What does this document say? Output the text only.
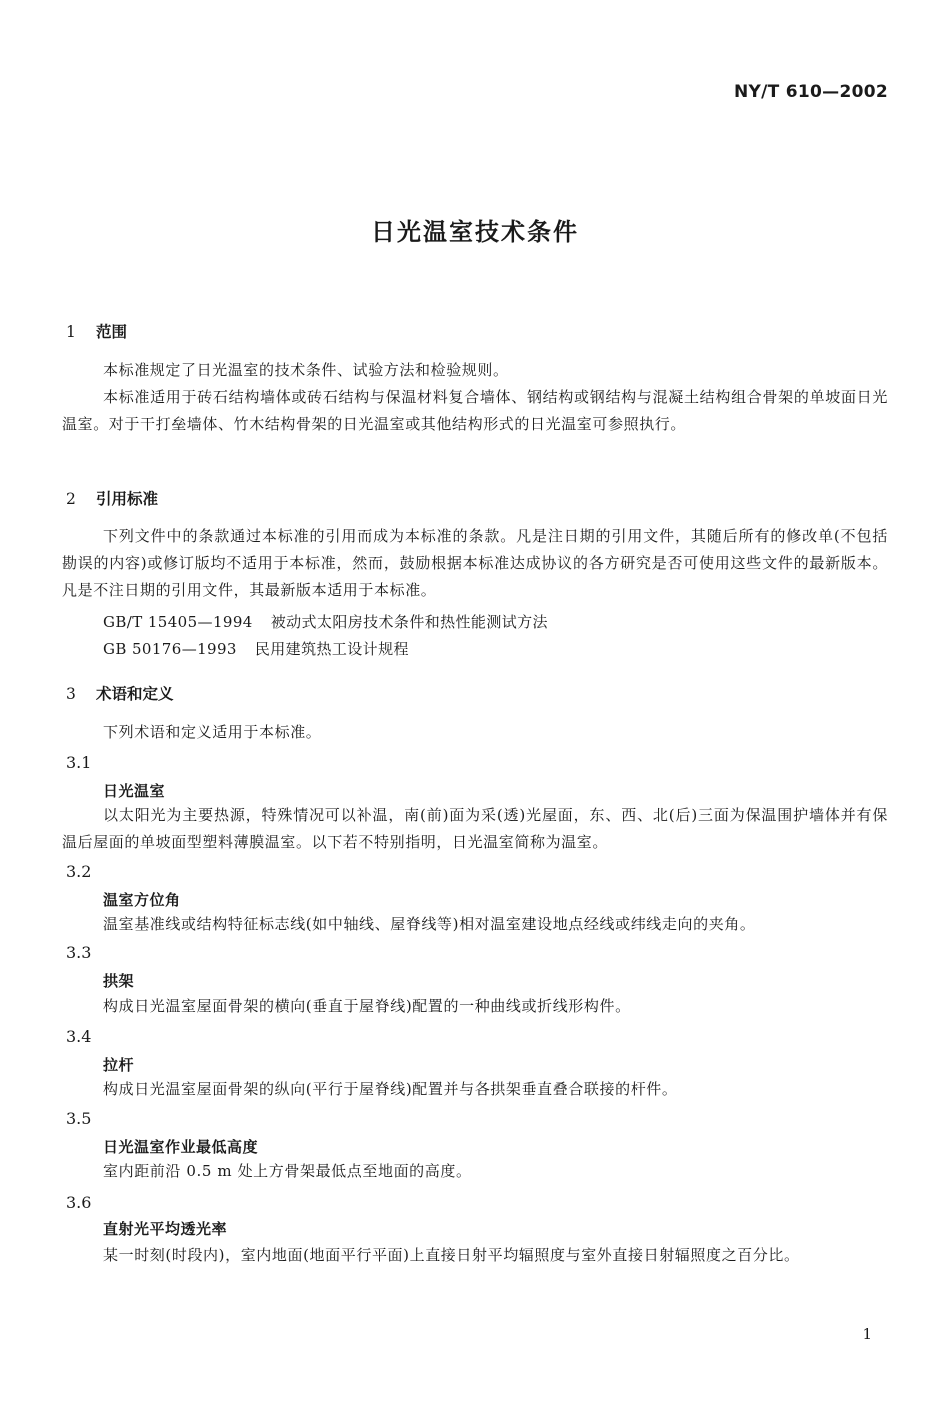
NY/T 610—2002
日光温室技术条件
1 范围
本标准规定了日光温室的技术条件、试验方法和检验规则。
本标准适用于砖石结构墙体或砖石结构与保温材料复合墙体、钢结构或钢结构与混凝土结构组合骨架的单坡面日光温室。对于干打垒墙体、竹木结构骨架的日光温室或其他结构形式的日光温室可参照执行。
2 引用标准
下列文件中的条款通过本标准的引用而成为本标准的条款。凡是注日期的引用文件，其随后所有的修改单(不包括勘误的内容)或修订版均不适用于本标准，然而，鼓励根据本标准达成协议的各方研究是否可使用这些文件的最新版本。凡是不注日期的引用文件，其最新版本适用于本标准。
GB/T 15405—1994 被动式太阳房技术条件和热性能测试方法
GB 50176—1993 民用建筑热工设计规程
3 术语和定义
下列术语和定义适用于本标准。
3.1
日光温室
以太阳光为主要热源，特殊情况可以补温，南(前)面为采(透)光屋面，东、西、北(后)三面为保温围护墙体并有保温后屋面的单坡面型塑料薄膜温室。以下若不特别指明，日光温室简称为温室。
3.2
温室方位角
温室基准线或结构特征标志线(如中轴线、屋脊线等)相对温室建设地点经线或纬线走向的夹角。
3.3
拱架
构成日光温室屋面骨架的横向(垂直于屋脊线)配置的一种曲线或折线形构件。
3.4
拉杆
构成日光温室屋面骨架的纵向(平行于屋脊线)配置并与各拱架垂直叠合联接的杆件。
3.5
日光温室作业最低高度
室内距前沿 0.5 m 处上方骨架最低点至地面的高度。
3.6
直射光平均透光率
某一时刻(时段内)，室内地面(地面平行平面)上直接日射平均辐照度与室外直接日射辐照度之百分比。
1
